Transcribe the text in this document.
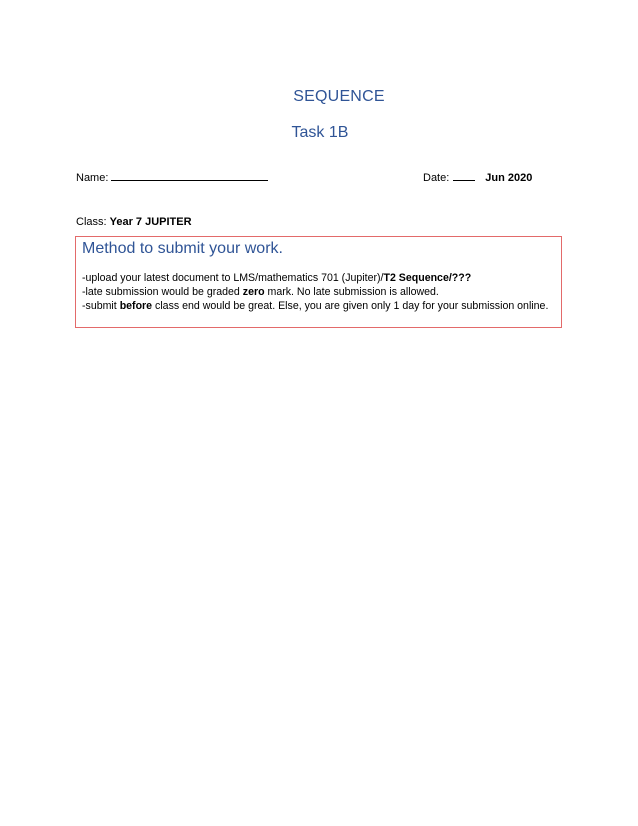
SEQUENCE
Task 1B
Name:	Date:	Jun 2020
Class: Year 7 JUPITER
Method to submit your work.
-upload your latest document to LMS/mathematics 701 (Jupiter)/T2 Sequence/???
-late submission would be graded zero mark. No late submission is allowed.
-submit before class end would be great. Else, you are given only 1 day for your submission online.
